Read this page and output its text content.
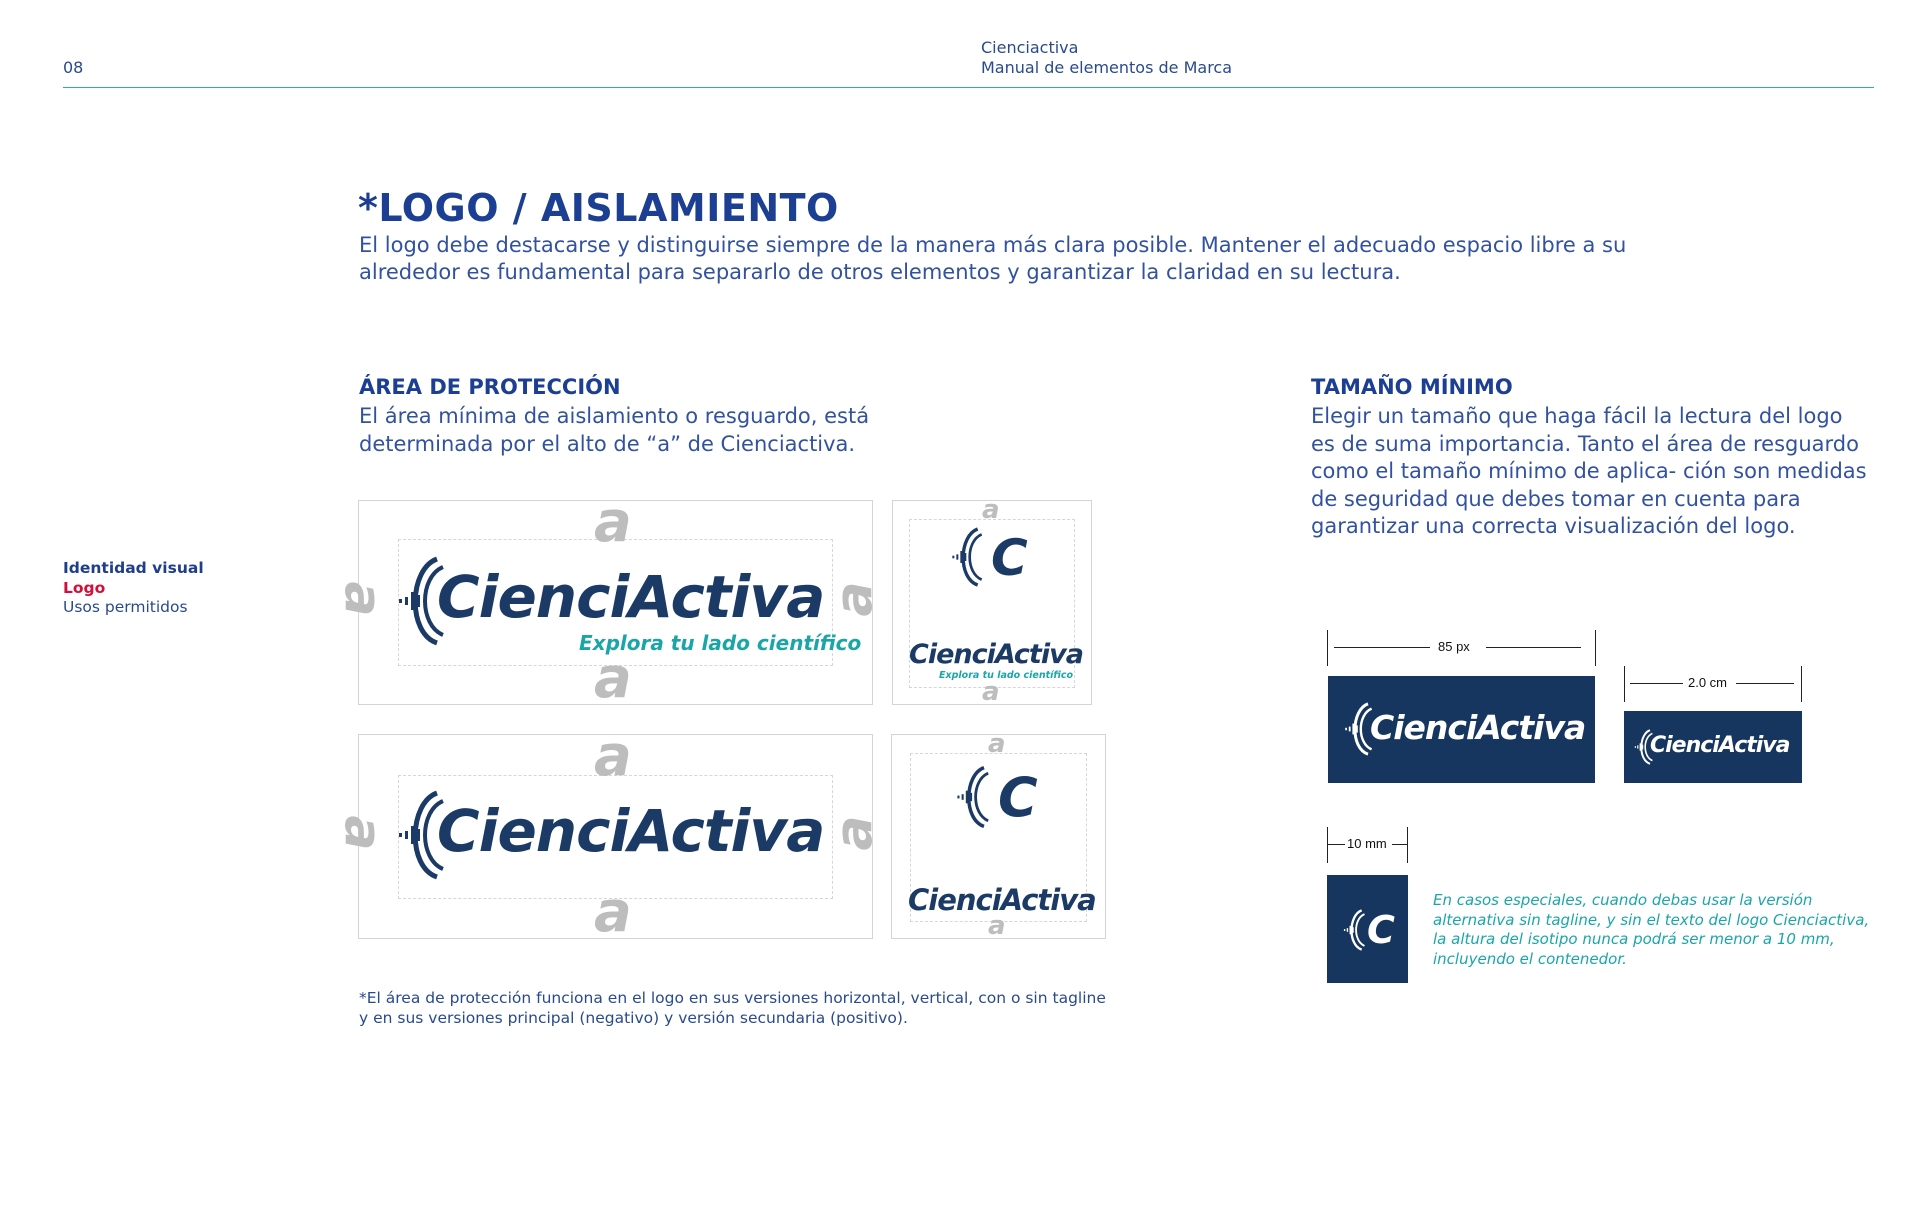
08
Cienciactiva
Manual de elementos de Marca
Identidad visual
Logo
Usos permitidos
*LOGO / AISLAMIENTO
El logo debe destacarse y distinguirse siempre de la manera más clara posible. Mantener el adecuado espacio libre a su alrededor es fundamental para separarlo de otros elementos y garantizar la claridad en su lectura.
ÁREA DE PROTECCIÓN
El área mínima de aislamiento o resguardo, está determinada por el alto de “a” de Cienciactiva.
a
a
a	a
CienciActiva
Explora tu lado científico
a
a
C
CienciActiva
Explora tu lado científico
a
a
a	a
CienciActiva
a
a
C
CienciActiva
*El área de protección funciona en el logo en sus versiones horizontal, vertical, con o sin tagline y en sus versiones principal (negativo) y versión secundaria (positivo).
TAMAÑO MÍNIMO
Elegir un tamaño que haga fácil la lectura del logo es de suma importancia. Tanto el área de resguardo como el tamaño mínimo de aplica- ción son medidas de seguridad que debes tomar en cuenta para garantizar una correcta visualización del logo.
85 px
CienciActiva
2.0 cm
CienciActiva
10 mm
C
En casos especiales, cuando debas usar la versión alternativa sin tagline, y sin el texto del logo Cienciactiva, la altura del isotipo nunca podrá ser menor a 10 mm, incluyendo el contenedor.
